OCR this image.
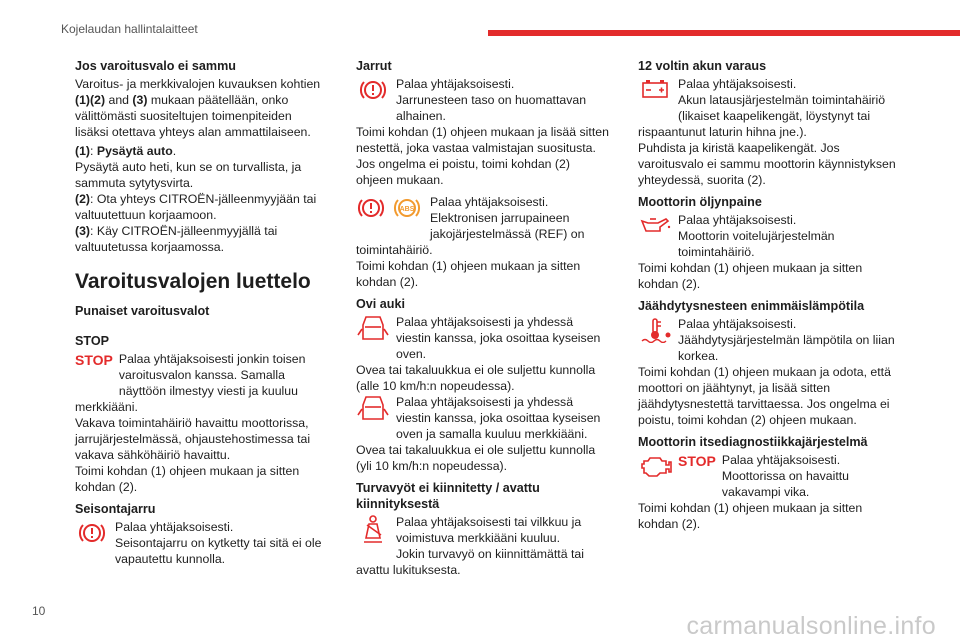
Kojelaudan hallintalaitteet
Jos varoitusvalo ei sammu

Varoitus- ja merkkivalojen kuvauksen kohtien (1)(2) and (3) mukaan päätellään, onko välittömästi suositeltujen toimenpiteiden lisäksi otettava yhteys alan ammattilaiseen.

(1): Pysäytä auto.

Pysäytä auto heti, kun se on turvallista, ja sammuta sytytysvirta.

(2): Ota yhteys CITROËN-jälleenmyyjään tai valtuutettuun korjaamoon.

(3): Käy CITROËN-jälleenmyyjällä tai valtuutetussa korjaamossa.

Varoitusvalojen luettelo
Punaiset varoitusvalot
STOP
STOP Palaa yhtäjaksoisesti jonkin toisen varoitusvalon kanssa. Samalla näyttöön ilmestyy viesti ja kuuluu merkkiääni.

Vakava toimintahäiriö havaittu moottorissa, jarrujärjestelmässä, ohjaustehostimessa tai vakava sähköhäiriö havaittu.

Toimi kohdan (1) ohjeen mukaan ja sitten kohdan (2).

Seisontajarru

Palaa yhtäjaksoisesti.

Seisontajarru on kytketty tai sitä ei ole vapautettu kunnolla.

Jarrut

Palaa yhtäjaksoisesti.

Jarrunesteen taso on huomattavan alhainen.

Toimi kohdan (1) ohjeen mukaan ja lisää sitten nestettä, joka vastaa valmistajan suositusta.

Jos ongelma ei poistu, toimi kohdan (2) ohjeen mukaan.

ABS

Palaa yhtäjaksoisesti.

Elektronisen jarrupaineen jakojärjestelmässä (REF) on toimintahäiriö.

Toimi kohdan (1) ohjeen mukaan ja sitten kohdan (2).

Ovi auki

Palaa yhtäjaksoisesti ja yhdessä viestin kanssa, joka osoittaa kyseisen oven.

Ovea tai takaluukkua ei ole suljettu kunnolla (alle 10 km/h:n nopeudessa).

Palaa yhtäjaksoisesti ja yhdessä viestin kanssa, joka osoittaa kyseisen oven ja samalla kuuluu merkkiääni.

Ovea tai takaluukkua ei ole suljettu kunnolla (yli 10 km/h:n nopeudessa).

Turvavyöt ei kiinnitetty / avattu kiinnityksestä

Palaa yhtäjaksoisesti tai vilkkuu ja voimistuva merkkiääni kuuluu.

Jokin turvavyö on kiinnittämättä tai avattu lukituksesta.

12 voltin akun varaus

Palaa yhtäjaksoisesti.

Akun latausjärjestelmän toimintahäiriö (likaiset kaapelikengät, löystynyt tai rispaantunut laturin hihna jne.).

Puhdista ja kiristä kaapelikengät. Jos varoitusvalo ei sammu moottorin käynnistyksen yhteydessä, suorita (2).

Moottorin öljynpaine

Palaa yhtäjaksoisesti.

Moottorin voitelujärjestelmän toimintahäiriö.

Toimi kohdan (1) ohjeen mukaan ja sitten kohdan (2).

Jäähdytysnesteen enimmäislämpötila

Palaa yhtäjaksoisesti.

Jäähdytysjärjestelmän lämpötila on liian korkea.

Toimi kohdan (1) ohjeen mukaan ja odota, että moottori on jäähtynyt, ja lisää sitten jäähdytysnestettä tarvittaessa. Jos ongelma ei poistu, toimi kohdan (2) ohjeen mukaan.

Moottorin itsediagnostiikkajärjestelmä
STOP Palaa yhtäjaksoisesti.

Moottorissa on havaittu vakavampi vika.

Toimi kohdan (1) ohjeen mukaan ja sitten kohdan (2).

10
carmanualsonline.info
